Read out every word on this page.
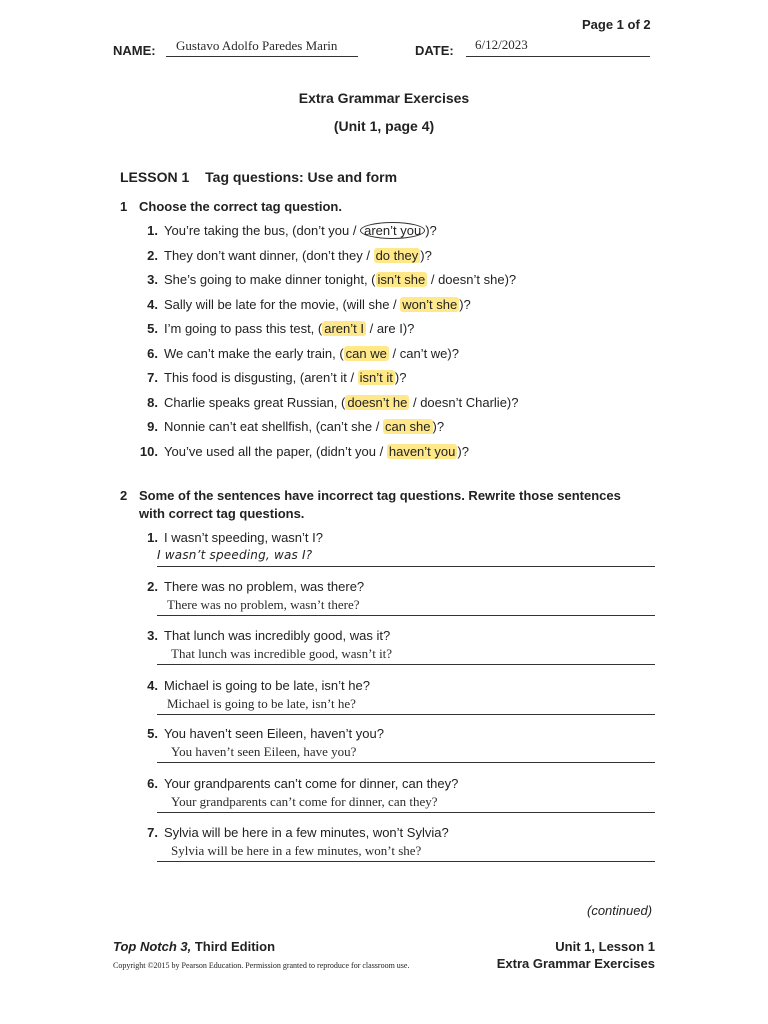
Page 1 of 2
NAME: Gustavo Adolfo Paredes Marin	DATE: 6/12/2023
Extra Grammar Exercises
(Unit 1, page 4)
LESSON 1 Tag questions: Use and form
1 Choose the correct tag question.
1. You’re taking the bus, (don’t you / aren’t you )?
2. They don’t want dinner, (don’t they / do they )?
3. She’s going to make dinner tonight, ( isn’t she / doesn’t she)?
4. Sally will be late for the movie, (will she / won’t she )?
5. I’m going to pass this test, ( aren’t I / are I)?
6. We can’t make the early train, ( can we / can’t we)?
7. This food is disgusting, (aren’t it / isn’t it )?
8. Charlie speaks great Russian, ( doesn’t he / doesn’t Charlie)?
9. Nonnie can’t eat shellfish, (can’t she / can she )?
10. You’ve used all the paper, (didn’t you / haven’t you )?
2 Some of the sentences have incorrect tag questions. Rewrite those sentences
with correct tag questions.
1. I wasn’t speeding, wasn’t I?
I wasn’t speeding, was I?
2. There was no problem, was there?
There was no problem, wasn’t there?
3. That lunch was incredibly good, was it?
That lunch was incredible good, wasn’t it?
4. Michael is going to be late, isn’t he?
Michael is going to be late, isn’t he?
5. You haven’t seen Eileen, haven’t you?
You haven’t seen Eileen, have you?
6. Your grandparents can’t come for dinner, can they?
Your grandparents can’t come for dinner, can they?
7. Sylvia will be here in a few minutes, won’t Sylvia?
Sylvia will be here in a few minutes, won’t she?
(continued)
Top Notch 3, Third Edition
Copyright ©2015 by Pearson Education. Permission granted to reproduce for classroom use.
Unit 1, Lesson 1
Extra Grammar Exercises
